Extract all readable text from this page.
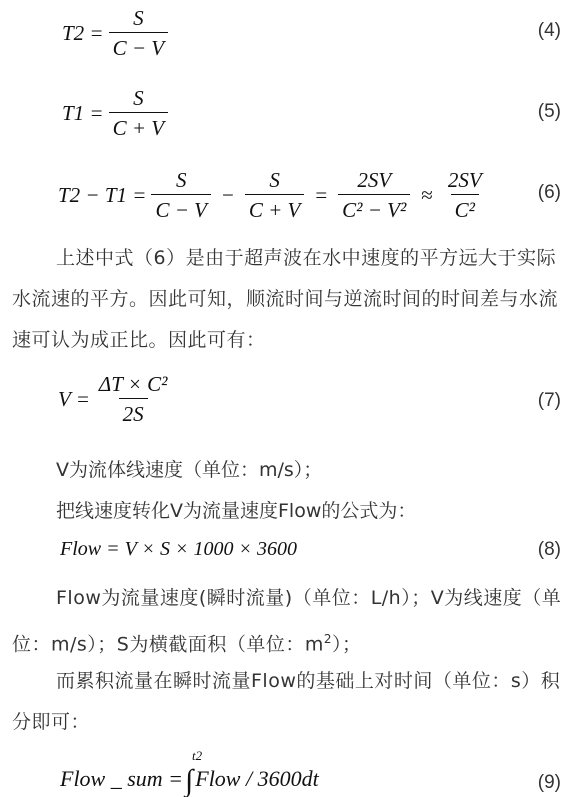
$T2 = \frac{S}{C - V}$	(4)
$T1 = \frac{S}{C + V}$	(5)
$T2 - T1 = \frac{S}{C - V} - \frac{S}{C + V} = \frac{2SV}{\text{C² − V²}} \approx \frac{2SV}{\text{C²}}$	(6)
上述中式（6）是由于超声波在水中速度的平方远大于实际水流速的平方。因此可知，顺流时间与逆流时间的时间差与水流速可认为成正比。因此可有：
$V = \frac{\text{ΔT × C²}}{2S}$	(7)
V为流体线速度（单位：m/s）；
把线速度转化V为流量速度Flow的公式为：
Flow = V × S × 1000 × 3600	(8)
Flow为流量速度(瞬时流量)（单位：L/h）；V为线速度（单位：m/s）；S为横截面积（单位：$m^2$）；
而累积流量在瞬时流量Flow的基础上对时间（单位：s）积分即可：
Flow _ sum =
t2
∫ Flow / 3600dt	(9)
